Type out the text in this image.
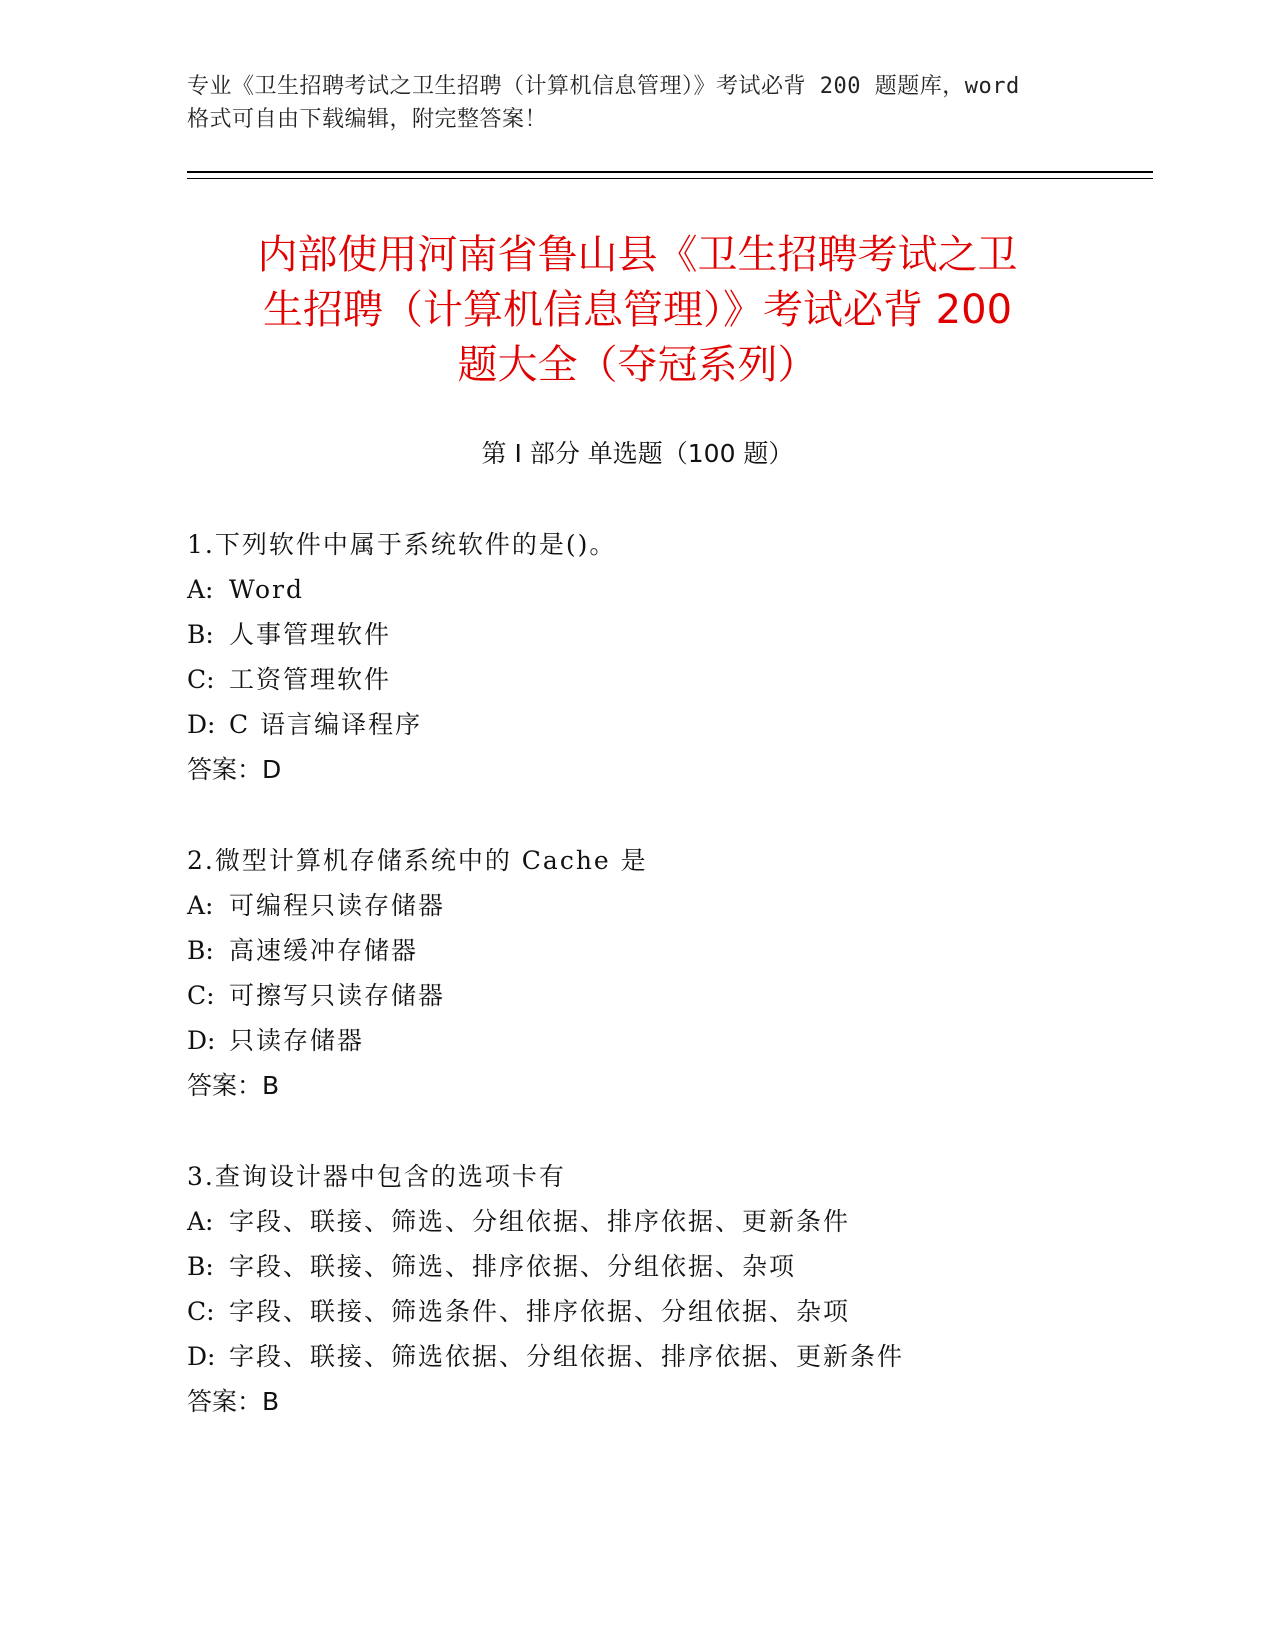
专业《卫生招聘考试之卫生招聘（计算机信息管理）》考试必背 200 题题库，word
格式可自由下载编辑，附完整答案！
内部使用河南省鲁山县《卫生招聘考试之卫
生招聘（计算机信息管理）》考试必背 200
题大全（夺冠系列）
第 I 部分 单选题（100 题）
1.下列软件中属于系统软件的是()。
A: Word
B: 人事管理软件
C: 工资管理软件
D: C 语言编译程序
答案：D
2.微型计算机存储系统中的 Cache 是
A: 可编程只读存储器
B: 高速缓冲存储器
C: 可擦写只读存储器
D: 只读存储器
答案：B
3.查询设计器中包含的选项卡有
A: 字段、联接、筛选、分组依据、排序依据、更新条件
B: 字段、联接、筛选、排序依据、分组依据、杂项
C: 字段、联接、筛选条件、排序依据、分组依据、杂项
D: 字段、联接、筛选依据、分组依据、排序依据、更新条件
答案：B
